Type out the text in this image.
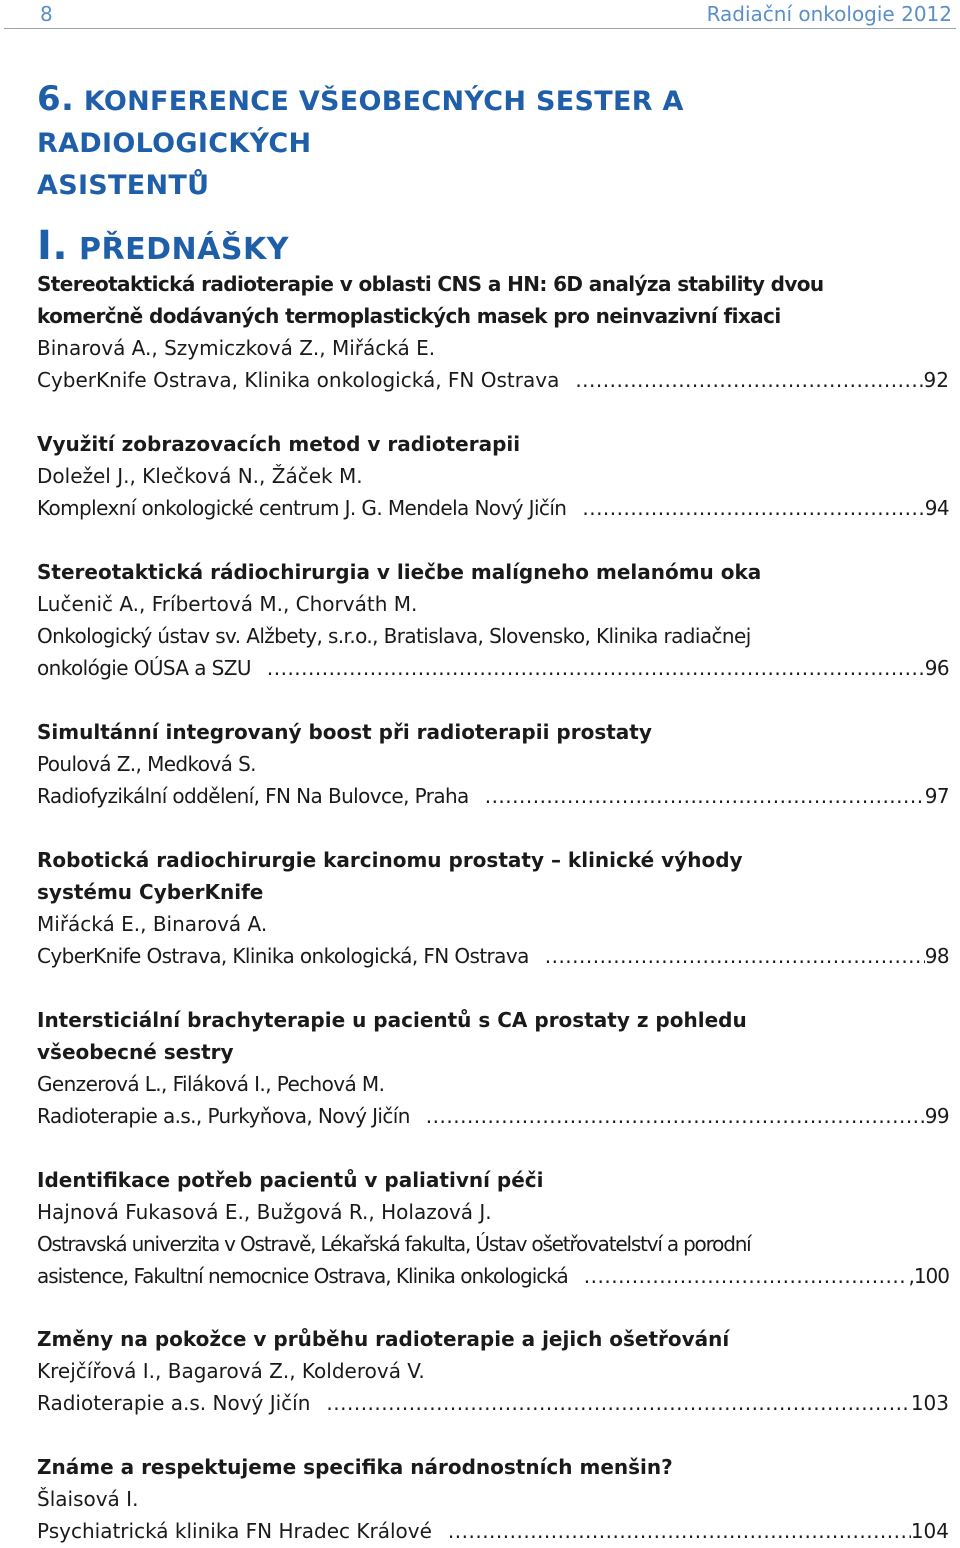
8	Radiační onkologie 2012
6. KONFERENCE VŠEOBECNÝCH SESTER A RADIOLOGICKÝCH
ASISTENTŮ
I. PŘEDNÁŠKY
Stereotaktická radioterapie v oblasti CNS a HN: 6D analýza stability dvou
komerčně dodávaných termoplastických masek pro neinvazivní fixaci
Binarová A., Szymiczková Z., Miřácká E.
CyberKnife Ostrava, Klinika onkologická, FN Ostrava .....	92
Využití zobrazovacích metod v radioterapii
Doležel J., Klečková N., Žáček M.
Komplexní onkologické centrum J. G. Mendela Nový Jičín .....	94
Stereotaktická rádiochirurgia v liečbe malígneho melanómu oka
Lučenič A., Fríbertová M., Chorváth M.
Onkologický ústav sv. Alžbety, s.r.o., Bratislava, Slovensko, Klinika radiačnej
onkológie OÚSA a SZU .....	96
Simultánní integrovaný boost při radioterapii prostaty
Poulová Z., Medková S.
Radiofyzikální oddělení, FN Na Bulovce, Praha .....	97
Robotická radiochirurgie karcinomu prostaty – klinické výhody
systému CyberKnife
Miřácká E., Binarová A.
CyberKnife Ostrava, Klinika onkologická, FN Ostrava .....	98
Intersticiální brachyterapie u pacientů s CA prostaty z pohledu
všeobecné sestry
Genzerová L., Filáková I., Pechová M.
Radioterapie a.s., Purkyňova, Nový Jičín .....	99
Identifikace potřeb pacientů v paliativní péči
Hajnová Fukasová E., Bužgová R., Holazová J.
Ostravská univerzita v Ostravě, Lékařská fakulta, Ústav ošetřovatelství a porodní
asistence, Fakultní nemocnice Ostrava, Klinika onkologická .....	,100
Změny na pokožce v průběhu radioterapie a jejich ošetřování
Krejčířová I., Bagarová Z., Kolderová V.
Radioterapie a.s. Nový Jičín .....	103
Známe a respektujeme specifika národnostních menšin?
Šlaisová I.
Psychiatrická klinika FN Hradec Králové .....	104
